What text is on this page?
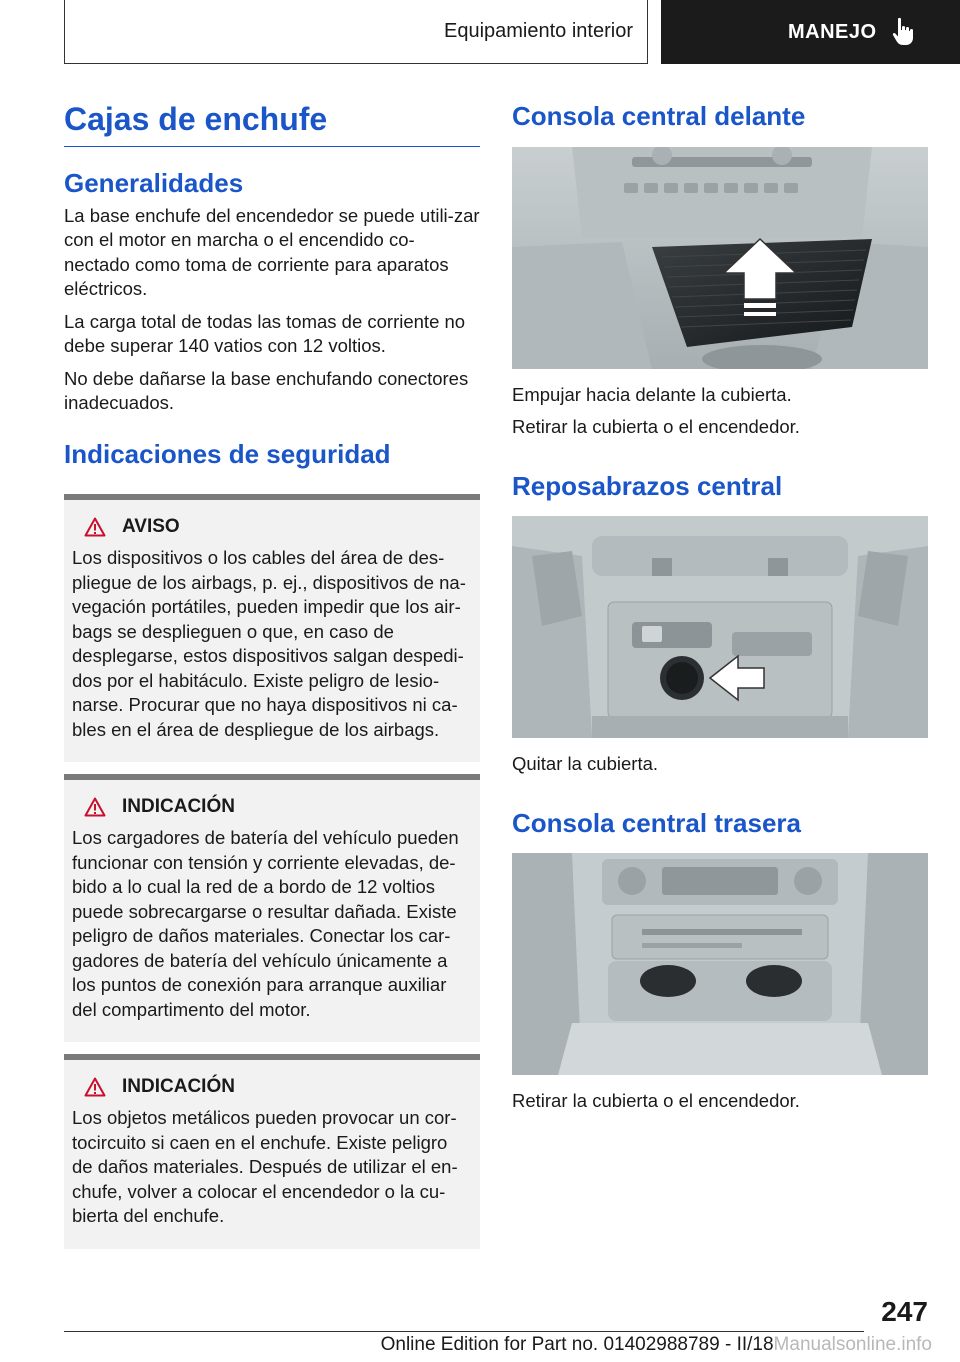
Equipamiento interior	MANEJO
Cajas de enchufe
Generalidades

La base enchufe del encendedor se puede utili‐zar con el motor en marcha o el encendido co‐nectado como toma de corriente para aparatos eléctricos.

La carga total de todas las tomas de corriente no debe superar 140 vatios con 12 voltios.

No debe dañarse la base enchufando conectores inadecuados.

Indicaciones de seguridad
AVISO

Los dispositivos o los cables del área de des‐pliegue de los airbags, p. ej., dispositivos de na‐vegación portátiles, pueden impedir que los air‐bags se desplieguen o que, en caso de desplegarse, estos dispositivos salgan despedi‐dos por el habitáculo. Existe peligro de lesio‐narse. Procurar que no haya dispositivos ni ca‐bles en el área de despliegue de los airbags.

INDICACIÓN

Los cargadores de batería del vehículo pueden funcionar con tensión y corriente elevadas, de‐bido a lo cual la red de a bordo de 12 voltios puede sobrecargarse o resultar dañada. Existe peligro de daños materiales. Conectar los car‐gadores de batería del vehículo únicamente a los puntos de conexión para arranque auxiliar del compartimento del motor.

INDICACIÓN

Los objetos metálicos pueden provocar un cor‐tocircuito si caen en el enchufe. Existe peligro de daños materiales. Después de utilizar el en‐chufe, volver a colocar el encendedor o la cu‐bierta del enchufe.

Consola central delante

Empujar hacia delante la cubierta.

Retirar la cubierta o el encendedor.

Reposabrazos central

Quitar la cubierta.

Consola central trasera

Retirar la cubierta o el encendedor.

247
Online Edition for Part no. 01402988789 - II/18Manualsonline.info
